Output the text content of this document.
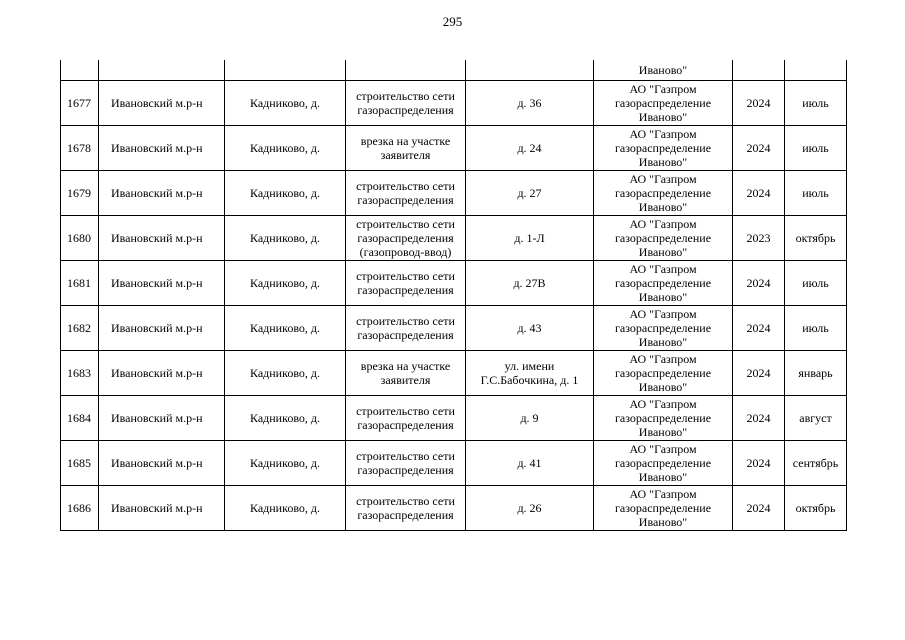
295
					Иваново"		
1677	Ивановский м.р-н	Кадниково, д.	строительство сети
газораспределения	д. 36	АО "Газпром
газораспределение
Иваново"	2024	июль
1678	Ивановский м.р-н	Кадниково, д.	врезка на участке
заявителя	д. 24	АО "Газпром
газораспределение
Иваново"	2024	июль
1679	Ивановский м.р-н	Кадниково, д.	строительство сети
газораспределения	д. 27	АО "Газпром
газораспределение
Иваново"	2024	июль
1680	Ивановский м.р-н	Кадниково, д.	строительство сети
газораспределения
(газопровод-ввод)	д. 1-Л	АО "Газпром
газораспределение
Иваново"	2023	октябрь
1681	Ивановский м.р-н	Кадниково, д.	строительство сети
газораспределения	д. 27В	АО "Газпром
газораспределение
Иваново"	2024	июль
1682	Ивановский м.р-н	Кадниково, д.	строительство сети
газораспределения	д. 43	АО "Газпром
газораспределение
Иваново"	2024	июль
1683	Ивановский м.р-н	Кадниково, д.	врезка на участке
заявителя	ул. имени
Г.С.Бабочкина, д. 1	АО "Газпром
газораспределение
Иваново"	2024	январь
1684	Ивановский м.р-н	Кадниково, д.	строительство сети
газораспределения	д. 9	АО "Газпром
газораспределение
Иваново"	2024	август
1685	Ивановский м.р-н	Кадниково, д.	строительство сети
газораспределения	д. 41	АО "Газпром
газораспределение
Иваново"	2024	сентябрь
1686	Ивановский м.р-н	Кадниково, д.	строительство сети
газораспределения	д. 26	АО "Газпром
газораспределение
Иваново"	2024	октябрь
